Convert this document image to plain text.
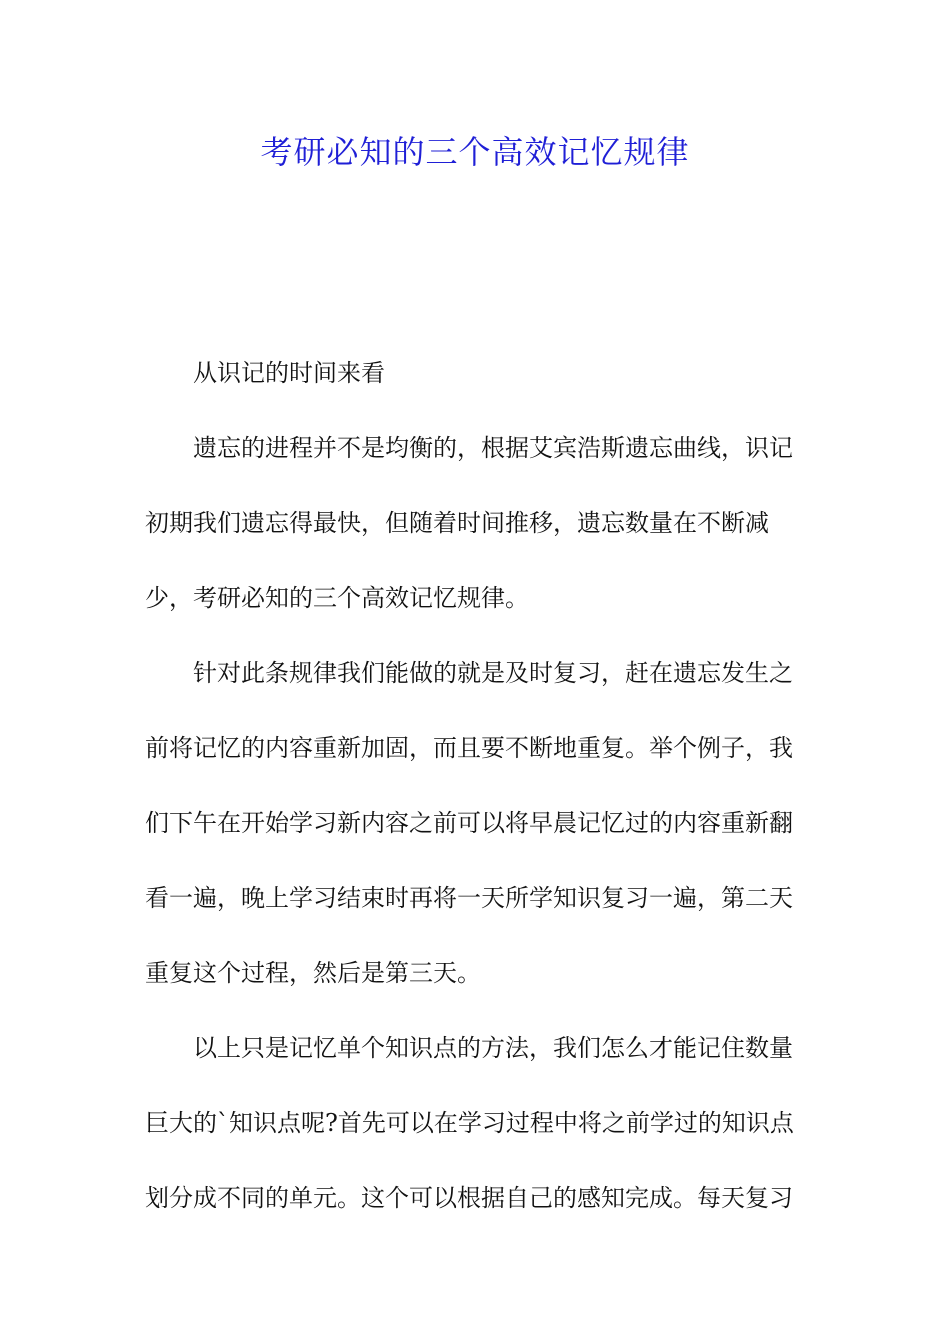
考研必知的三个高效记忆规律

从识记的时间来看

遗忘的进程并不是均衡的，根据艾宾浩斯遗忘曲线，识记初期我们遗忘得最快，但随着时间推移，遗忘数量在不断减少，考研必知的三个高效记忆规律。

针对此条规律我们能做的就是及时复习，赶在遗忘发生之前将记忆的内容重新加固，而且要不断地重复。举个例子，我们下午在开始学习新内容之前可以将早晨记忆过的内容重新翻看一遍，晚上学习结束时再将一天所学知识复习一遍，第二天重复这个过程，然后是第三天。

以上只是记忆单个知识点的方法，我们怎么才能记住数量巨大的`知识点呢?首先可以在学习过程中将之前学过的知识点划分成不同的单元。这个可以根据自己的感知完成。每天复习
